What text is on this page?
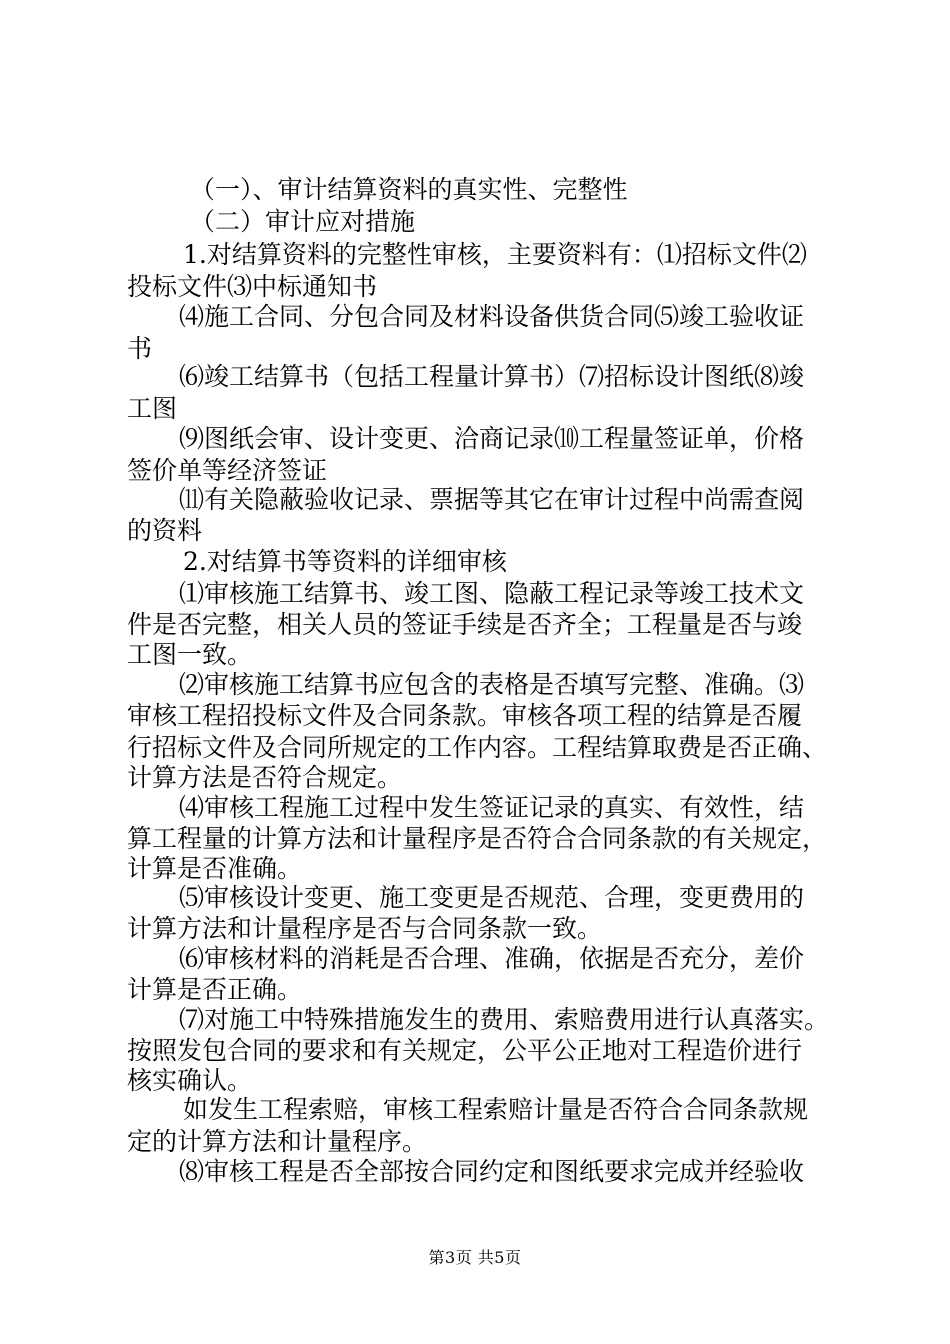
（一）、审计结算资料的真实性、完整性
（二）审计应对措施
1.对结算资料的完整性审核，主要资料有：⑴招标文件⑵
投标文件⑶中标通知书
⑷施工合同、分包合同及材料设备供货合同⑸竣工验收证
书
⑹竣工结算书（包括工程量计算书）⑺招标设计图纸⑻竣
工图
⑼图纸会审、设计变更、洽商记录⑽工程量签证单，价格
签价单等经济签证
⑾有关隐蔽验收记录、票据等其它在审计过程中尚需查阅
的资料
2.对结算书等资料的详细审核
⑴审核施工结算书、竣工图、隐蔽工程记录等竣工技术文
件是否完整，相关人员的签证手续是否齐全；工程量是否与竣
工图一致。
⑵审核施工结算书应包含的表格是否填写完整、准确。⑶
审核工程招投标文件及合同条款。审核各项工程的结算是否履
行招标文件及合同所规定的工作内容。工程结算取费是否正确、
计算方法是否符合规定。
⑷审核工程施工过程中发生签证记录的真实、有效性，结
算工程量的计算方法和计量程序是否符合合同条款的有关规定，
计算是否准确。
⑸审核设计变更、施工变更是否规范、合理，变更费用的
计算方法和计量程序是否与合同条款一致。
⑹审核材料的消耗是否合理、准确，依据是否充分，差价
计算是否正确。
⑺对施工中特殊措施发生的费用、索赔费用进行认真落实。
按照发包合同的要求和有关规定，公平公正地对工程造价进行
核实确认。
如发生工程索赔，审核工程索赔计量是否符合合同条款规
定的计算方法和计量程序。
⑻审核工程是否全部按合同约定和图纸要求完成并经验收
第3页 共5页
